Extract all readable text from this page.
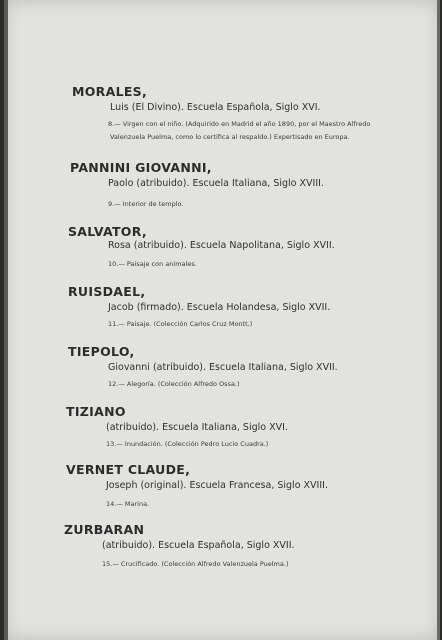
MORALES,
Luis (El Divino). Escuela Española, Siglo XVI.
8.— Virgen con el niño. (Adquirido en Madrid el año 1890, por el Maestro Alfredo
Valenzuela Puelma, como lo certifica al respaldo.) Expertisado en Europa.
PANNINI GIOVANNI,
Paolo (atribuido). Escuela Italiana, Siglo XVIII.
9.— Interior de templo.
SALVATOR,
Rosa (atribuido). Escuela Napolitana, Siglo XVII.
10.— Paisaje con animales.
RUISDAEL,
Jacob (firmado). Escuela Holandesa, Siglo XVII.
11.— Paisaje. (Colección Carlos Cruz Montt.)
TIEPOLO,
Giovanni (atribuido). Escuela Italiana, Siglo XVII.
12.— Alegoría. (Colección Alfredo Ossa.)
TIZIANO
(atribuido). Escuela Italiana, Siglo XVI.
13.— Inundación. (Colección Pedro Lucio Cuadra.)
VERNET CLAUDE,
Joseph (original). Escuela Francesa, Siglo XVIII.
14.— Marina.
ZURBARAN
(atribuido). Escuela Española, Siglo XVII.
15.— Crucificado. (Colección Alfredo Valenzuela Puelma.)
